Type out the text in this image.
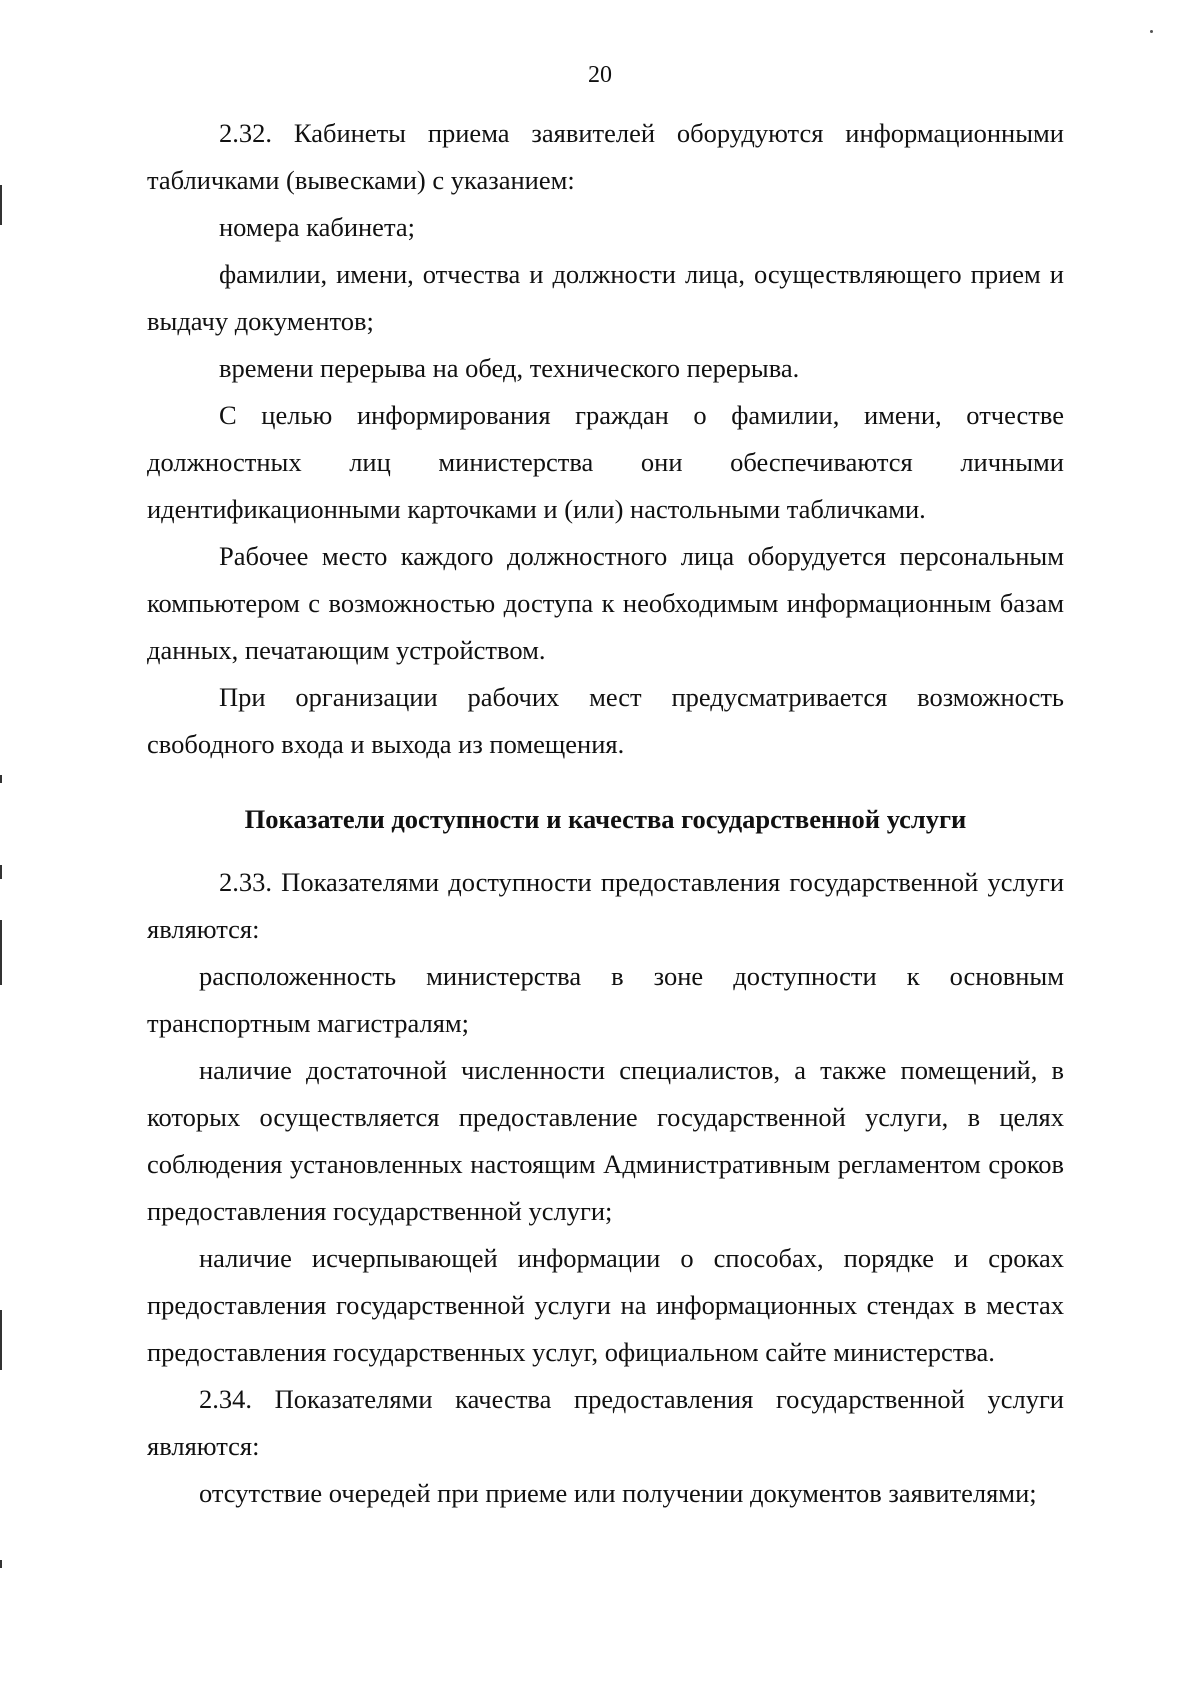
20

2.32. Кабинеты приема заявителей оборудуются информационными табличками (вывесками) с указанием:

номера кабинета;

фамилии, имени, отчества и должности лица, осуществляющего прием и выдачу документов;

времени перерыва на обед, технического перерыва.

С целью информирования граждан о фамилии, имени, отчестве должностных лиц министерства они обеспечиваются личными идентификационными карточками и (или) настольными табличками.

Рабочее место каждого должностного лица оборудуется персональным компьютером с возможностью доступа к необходимым информационным базам данных, печатающим устройством.

При организации рабочих мест предусматривается возможность свободного входа и выхода из помещения.

Показатели доступности и качества государственной услуги

2.33. Показателями доступности предоставления государственной услуги являются:

расположенность министерства в зоне доступности к основным транспортным магистралям;

наличие достаточной численности специалистов, а также помещений, в которых осуществляется предоставление государственной услуги, в целях соблюдения установленных настоящим Административным регламентом сроков предоставления государственной услуги;

наличие исчерпывающей информации о способах, порядке и сроках предоставления государственной услуги на информационных стендах в местах предоставления государственных услуг, официальном сайте министерства.

2.34. Показателями качества предоставления государственной услуги являются:

отсутствие очередей при приеме или получении документов заявителями;
